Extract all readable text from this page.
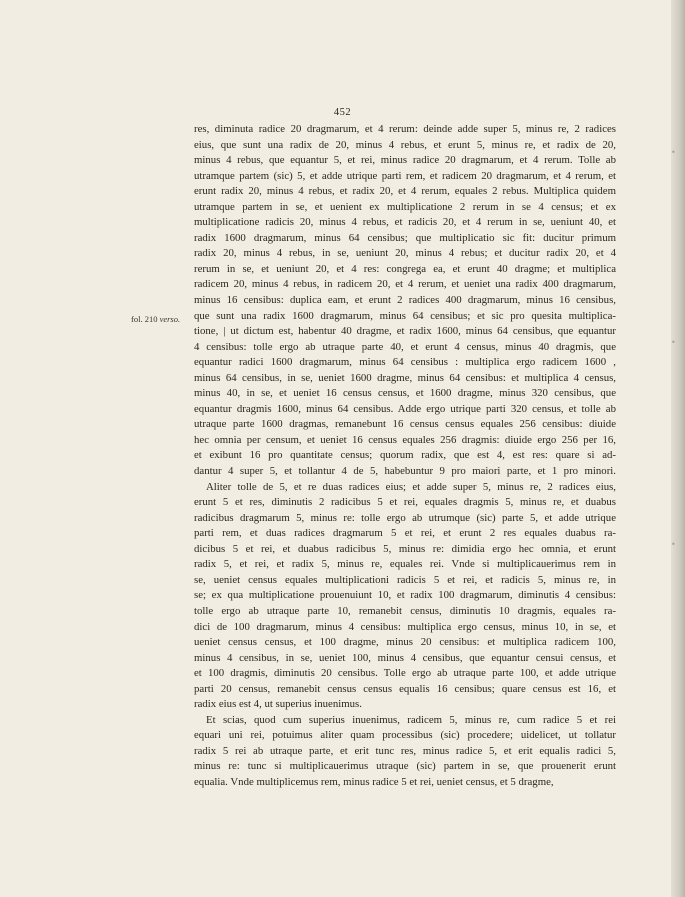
452
fol. 210 verso.
•
•
•
res, diminuta radice 20 dragmarum, et 4 rerum: deinde adde super 5, minus re, 2 radices
eius, que sunt una radix de 20, minus 4 rebus, et erunt 5, minus re, et radix de 20,
minus 4 rebus, que equantur 5, et rei, minus radice 20 dragmarum, et 4 rerum. Tolle ab
utramque partem (sic) 5, et adde utrique parti rem, et radicem 20 dragmarum, et 4 rerum, et
erunt radix 20, minus 4 rebus, et radix 20, et 4 rerum, equales 2 rebus. Multiplica quidem
utramque partem in se, et uenient ex multiplicatione 2 rerum in se 4 census; et ex
multiplicatione radicis 20, minus 4 rebus, et radicis 20, et 4 rerum in se, ueniunt 40, et
radix 1600 dragmarum, minus 64 censibus; que multiplicatio sic fit: ducitur primum
radix 20, minus 4 rebus, in se, ueniunt 20, minus 4 rebus; et ducitur radix 20, et 4
rerum in se, et ueniunt 20, et 4 res: congrega ea, et erunt 40 dragme; et multiplica
radicem 20, minus 4 rebus, in radicem 20, et 4 rerum, et ueniet una radix 400 dragmarum,
minus 16 censibus: duplica eam, et erunt 2 radices 400 dragmarum, minus 16 censibus,
que sunt una radix 1600 dragmarum, minus 64 censibus; et sic pro quesita multiplica-
tione, | ut dictum est, habentur 40 dragme, et radix 1600, minus 64 censibus, que equantur
4 censibus: tolle ergo ab utraque parte 40, et erunt 4 census, minus 40 dragmis, que
equantur radici 1600 dragmarum, minus 64 censibus : multiplica ergo radicem 1600 ,
minus 64 censibus, in se, ueniet 1600 dragme, minus 64 censibus: et multiplica 4 census,
minus 40, in se, et ueniet 16 census census, et 1600 dragme, minus 320 censibus, que
equantur dragmis 1600, minus 64 censibus. Adde ergo utrique parti 320 census, et tolle ab
utraque parte 1600 dragmas, remanebunt 16 census census equales 256 censibus: diuide
hec omnia per censum, et ueniet 16 census equales 256 dragmis: diuide ergo 256 per 16,
et exibunt 16 pro quantitate census; quorum radix, que est 4, est res: quare si ad-
dantur 4 super 5, et tollantur 4 de 5, habebuntur 9 pro maiori parte, et 1 pro minori.
Aliter tolle de 5, et re duas radices eius; et adde super 5, minus re, 2 radices eius,
erunt 5 et res, diminutis 2 radicibus 5 et rei, equales dragmis 5, minus re, et duabus
radicibus dragmarum 5, minus re: tolle ergo ab utrumque (sic) parte 5, et adde utrique
parti rem, et duas radices dragmarum 5 et rei, et erunt 2 res equales duabus ra-
dicibus 5 et rei, et duabus radicibus 5, minus re: dimidia ergo hec omnia, et erunt
radix 5, et rei, et radix 5, minus re, equales rei. Vnde si multiplicauerimus rem in
se, ueniet census equales multiplicationi radicis 5 et rei, et radicis 5, minus re, in
se; ex qua multiplicatione prouenuiunt 10, et radix 100 dragmarum, diminutis 4 censibus:
tolle ergo ab utraque parte 10, remanebit census, diminutis 10 dragmis, equales ra-
dici de 100 dragmarum, minus 4 censibus: multiplica ergo census, minus 10, in se, et
ueniet census census, et 100 dragme, minus 20 censibus: et multiplica radicem 100,
minus 4 censibus, in se, ueniet 100, minus 4 censibus, que equantur censui census, et
et 100 dragmis, diminutis 20 censibus. Tolle ergo ab utraque parte 100, et adde utrique
parti 20 census, remanebit census census equalis 16 censibus; quare census est 16, et
radix eius est 4, ut superius inuenimus.
Et scias, quod cum superius inuenimus, radicem 5, minus re, cum radice 5 et rei
equari uni rei, potuimus aliter quam processibus (sic) procedere; uidelicet, ut tollatur
radix 5 rei ab utraque parte, et erit tunc res, minus radice 5, et erit equalis radici 5,
minus re: tunc si multiplicauerimus utraque (sic) partem in se, que prouenerit erunt
equalia. Vnde multiplicemus rem, minus radice 5 et rei, ueniet census, et 5 dragme,
